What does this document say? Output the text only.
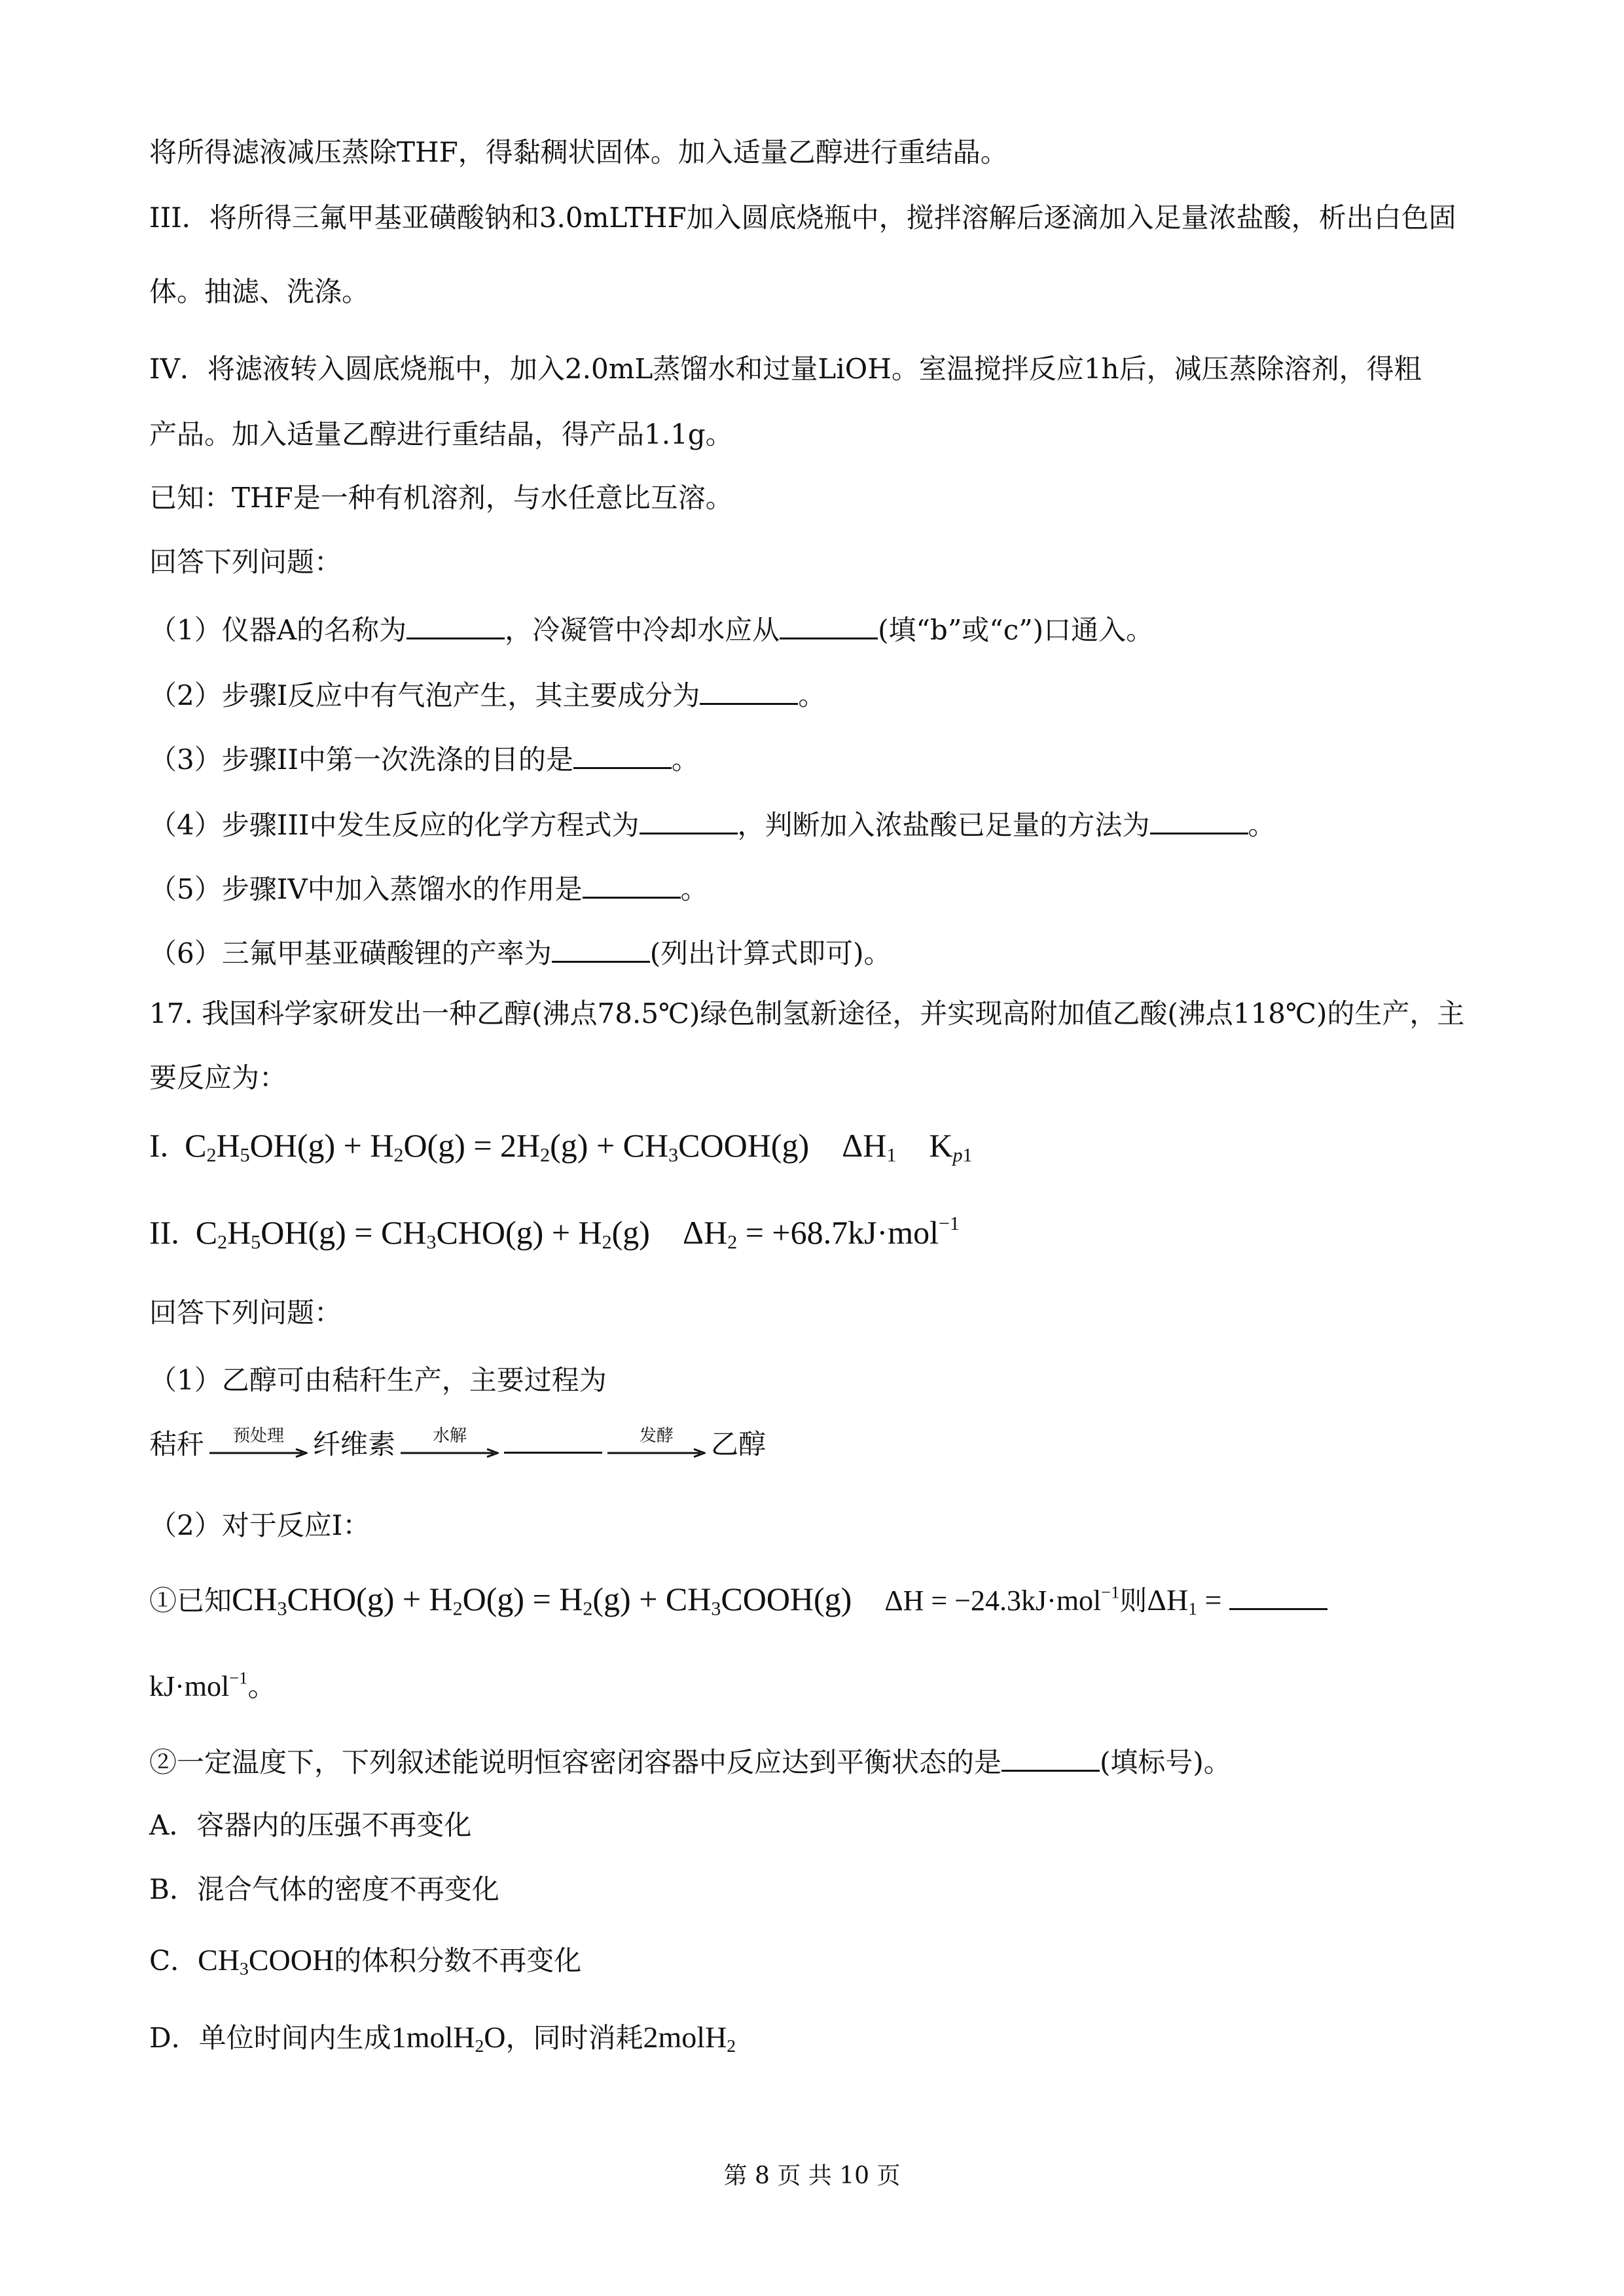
将所得滤液减压蒸除THF，得黏稠状固体。加入适量乙醇进行重结晶。
III．将所得三氟甲基亚磺酸钠和3.0mLTHF加入圆底烧瓶中，搅拌溶解后逐滴加入足量浓盐酸，析出白色固
体。抽滤、洗涤。
IV．将滤液转入圆底烧瓶中，加入2.0mL蒸馏水和过量LiOH。室温搅拌反应1h后，减压蒸除溶剂，得粗
产品。加入适量乙醇进行重结晶，得产品1.1g。
已知：THF是一种有机溶剂，与水任意比互溶。
回答下列问题：
（1）仪器A的名称为	，冷凝管中冷却水应从	(填“b”或“c”)口通入。
（2）步骤I反应中有气泡产生，其主要成分为	。
（3）步骤II中第一次洗涤的目的是	。
（4）步骤III中发生反应的化学方程式为	，判断加入浓盐酸已足量的方法为	。
（5）步骤IV中加入蒸馏水的作用是	。
（6）三氟甲基亚磺酸锂的产率为	(列出计算式即可)。
17. 我国科学家研发出一种乙醇(沸点78.5℃)绿色制氢新途径，并实现高附加值乙酸(沸点118℃)的生产，主
要反应为：
I.  $C_2H_5OH(g) + H_2O(g) = 2H_2(g)$ + $CH_3COOH(g)$    $\Delta H_1$    $K_{p1}$
II.  $C_2H_5OH(g) = CH_3CHO(g) + H_2(g)$    $\Delta H_2 = +68.7kJ\cdot mol^{-1}$
回答下列问题：
（1）乙醇可由秸秆生产，主要过程为
秸秆	预处理	纤维素	水解	发酵	乙醇
（2）对于反应I：
①已知$CH_3CHO(g) + H_2O(g) = H_2(g)$ + $CH_3COOH(g)$    ΔH = −24.3kJ·mol$^{-1}$则$\Delta H_1$ =
kJ·mol$^{-1}$。
②一定温度下，下列叙述能说明恒容密闭容器中反应达到平衡状态的是	(填标号)。
A．容器内的压强不再变化
B．混合气体的密度不再变化
C．$CH_3COOH$的体积分数不再变化
D．单位时间内生成1molH$_2$O，同时消耗2molH$_2$
第 8 页 共 10 页
